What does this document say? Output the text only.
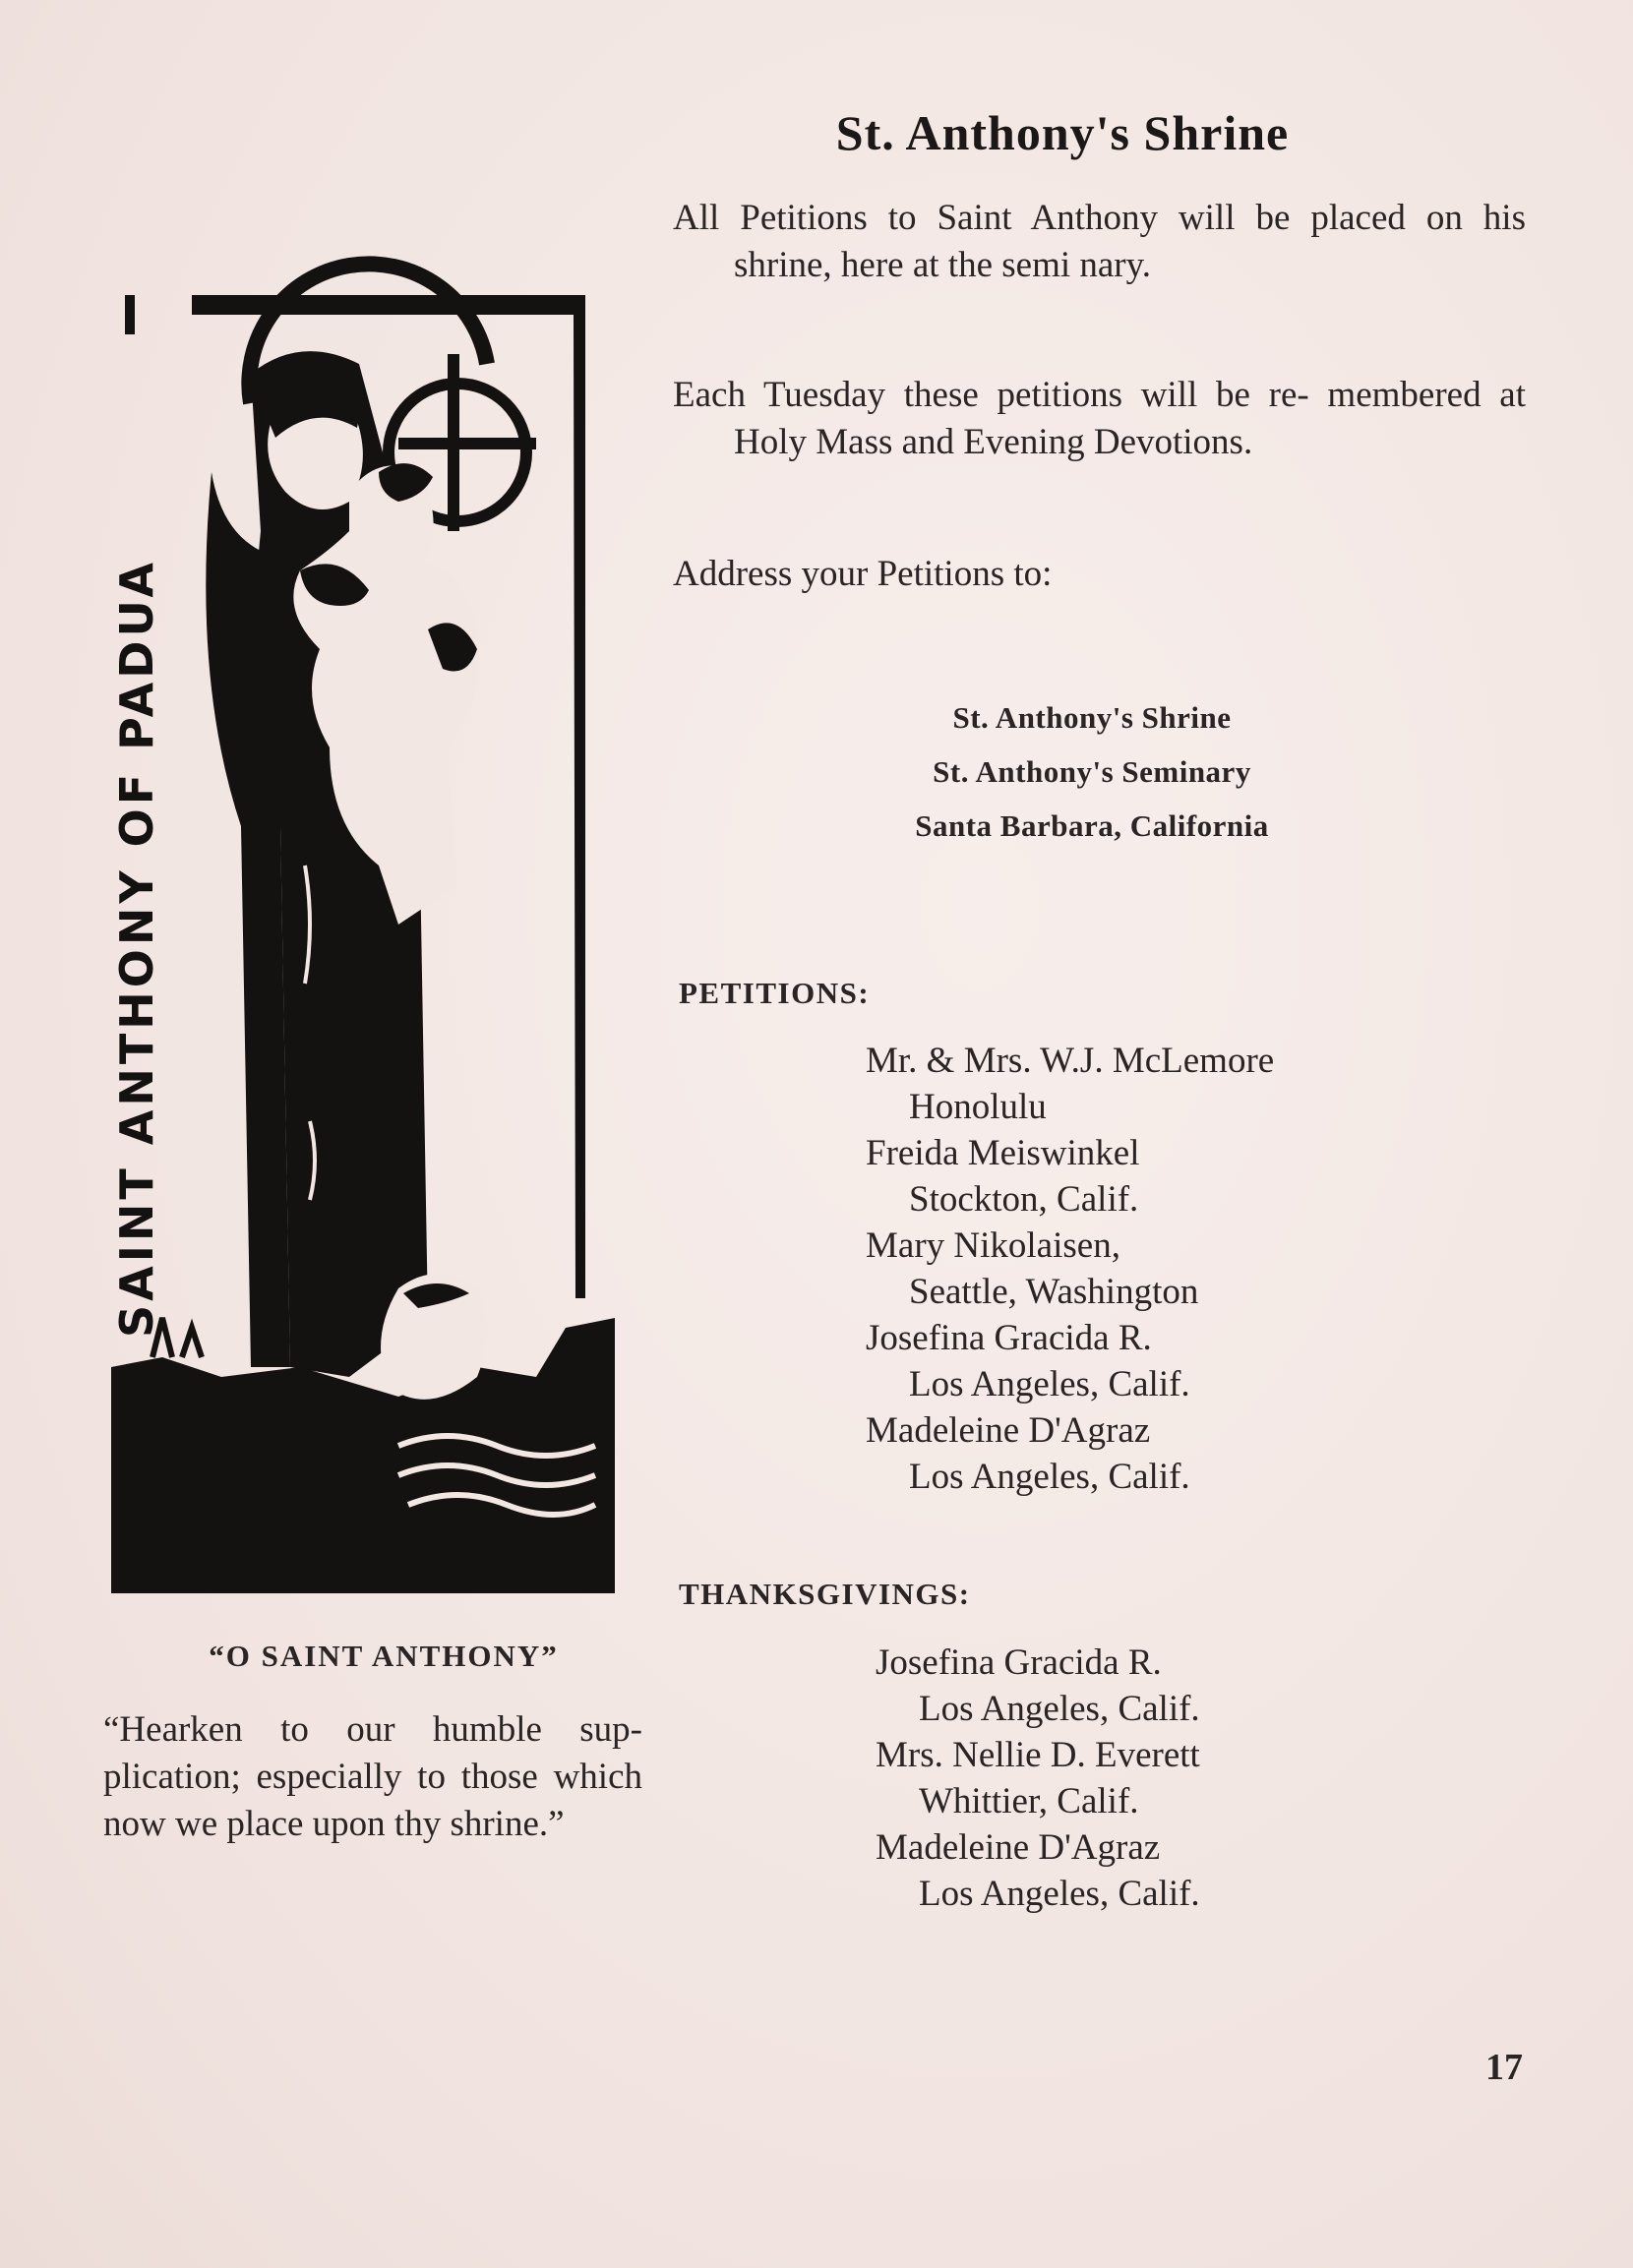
SAINT ANTHONY OF PADUA
“O SAINT ANTHONY”
“Hearken to our humble sup- plication; especially to those which now we place upon thy shrine.”
St. Anthony's Shrine
All Petitions to Saint Anthony will be placed on his shrine, here at the semi nary.
Each Tuesday these petitions will be re- membered at Holy Mass and Evening Devotions.
Address your Petitions to:
St. Anthony's Shrine
St. Anthony's Seminary
Santa Barbara, California
PETITIONS:
Mr. & Mrs. W.J. McLemore
Honolulu
Freida Meiswinkel
Stockton, Calif.
Mary Nikolaisen,
Seattle, Washington
Josefina Gracida R.
Los Angeles, Calif.
Madeleine D'Agraz
Los Angeles, Calif.
THANKSGIVINGS:
Josefina Gracida R.
Los Angeles, Calif.
Mrs. Nellie D. Everett
Whittier, Calif.
Madeleine D'Agraz
Los Angeles, Calif.
17
